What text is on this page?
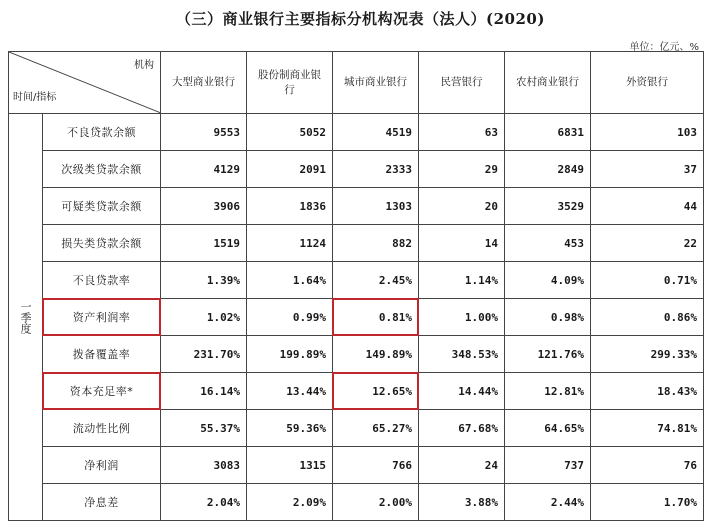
（三）商业银行主要指标分机构况表（法人）(2020)
单位：亿元、%
机构
时间/指标		大型商业银行	股份制商业银行	城市商业银行	民营银行	农村商业银行	外资银行
一季度	不良贷款余额	9553	5052	4519	63	6831	103
	次级类贷款余额	4129	2091	2333	29	2849	37
	可疑类贷款余额	3906	1836	1303	20	3529	44
	损失类贷款余额	1519	1124	882	14	453	22
	不良贷款率	1.39%	1.64%	2.45%	1.14%	4.09%	0.71%
	资产利润率	1.02%	0.99%	0.81%	1.00%	0.98%	0.86%
	拨备覆盖率	231.70%	199.89%	149.89%	348.53%	121.76%	299.33%
	资本充足率*	16.14%	13.44%	12.65%	14.44%	12.81%	18.43%
	流动性比例	55.37%	59.36%	65.27%	67.68%	64.65%	74.81%
	净利润	3083	1315	766	24	737	76
	净息差	2.04%	2.09%	2.00%	3.88%	2.44%	1.70%
